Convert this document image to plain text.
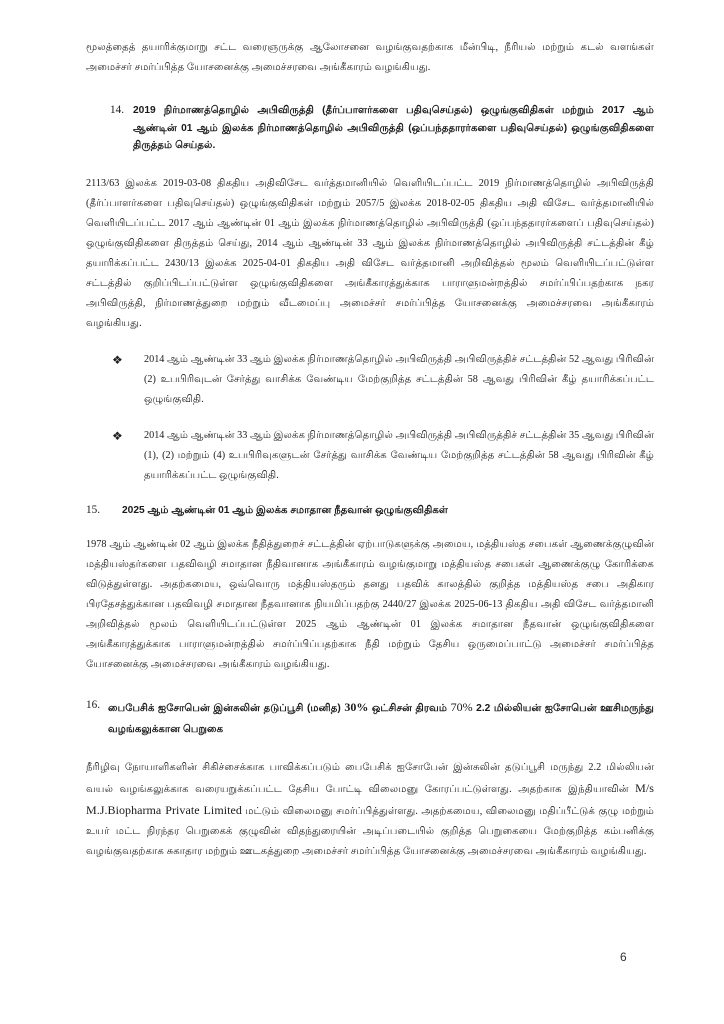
மூலத்தைத் தயாரிக்குமாறு சட்ட வரைஞருக்கு ஆலோசனை வழங்குவதற்காக மீன்பிடி, நீரியல் மற்றும் கடல் வளங்கள் அமைச்சர் சமர்ப்பித்த யோசனைக்கு அமைச்சரவை அங்கீகாரம் வழங்கியது.

14. 2019 நிர்மாணத்தொழில் அபிவிருத்தி (தீர்ப்பாளர்களை பதிவுசெய்தல்) ஒழுங்குவிதிகள் மற்றும் 2017 ஆம் ஆண்டின் 01 ஆம் இலக்க நிர்மாணத்தொழில் அபிவிருத்தி (ஒப்பந்ததாரர்களை பதிவுசெய்தல்) ஒழுங்குவிதிகளை திருத்தம் செய்தல்.

2113/63 இலக்க 2019-03-08 திகதிய அதிவிசேட வர்த்தமானியில் வெளியிடப்பட்ட 2019 நிர்மாணத்தொழில் அபிவிருத்தி (தீர்ப்பாளர்களை பதிவுசெய்தல்) ஒழுங்குவிதிகள் மற்றும் 2057/5 இலக்க 2018-02-05 திகதிய அதி விசேட வர்த்தமானியில் வெளியிடப்பட்ட 2017 ஆம் ஆண்டின் 01 ஆம் இலக்க நிர்மாணத்தொழில் அபிவிருத்தி (ஒப்பந்ததாரர்களைப் பதிவுசெய்தல்) ஒழுங்குவிதிகளை திருத்தம் செய்து, 2014 ஆம் ஆண்டின் 33 ஆம் இலக்க நிர்மாணத்தொழில் அபிவிருத்தி சட்டத்தின் கீழ் தயாரிக்கப்பட்ட 2430/13 இலக்க 2025-04-01 திகதிய அதி விசேட வர்த்தமானி அறிவித்தல் மூலம் வெளியிடப்பட்டுள்ள சட்டத்தில் குறிப்பிடப்பட்டுள்ள ஒழுங்குவிதிகளை அங்கீகாரத்துக்காக பாராளுமன்றத்தில் சமர்ப்பிப்பதற்காக நகர அபிவிருத்தி, நிர்மாணத்துறை மற்றும் வீடமைப்பு அமைச்சர் சமர்ப்பித்த யோசனைக்கு அமைச்சரவை அங்கீகாரம் வழங்கியது.

❖	2014 ஆம் ஆண்டின் 33 ஆம் இலக்க நிர்மாணத்தொழில் அபிவிருத்தி அபிவிருத்திச் சட்டத்தின் 52 ஆவது பிரிவின் (2) உபபிரிவுடன் சேர்த்து வாசிக்க வேண்டிய மேற்குறித்த சட்டத்தின் 58 ஆவது பிரிவின் கீழ் தயாரிக்கப்பட்ட ஒழுங்குவிதி.
❖	2014 ஆம் ஆண்டின் 33 ஆம் இலக்க நிர்மாணத்தொழில் அபிவிருத்தி அபிவிருத்திச் சட்டத்தின் 35 ஆவது பிரிவின் (1), (2) மற்றும் (4) உபபிரிவுகளுடன் சேர்த்து வாசிக்க வேண்டிய மேற்குறித்த சட்டத்தின் 58 ஆவது பிரிவின் கீழ் தயாரிக்கப்பட்ட ஒழுங்குவிதி.
15.	2025 ஆம் ஆண்டின் 01 ஆம் இலக்க சமாதான நீதவான் ஒழுங்குவிதிகள்

1978 ஆம் ஆண்டின் 02 ஆம் இலக்க நீதித்துறைச் சட்டத்தின் ஏற்பாடுகளுக்கு அமைய, மத்தியஸ்த சபைகள் ஆணைக்குழுவின் மத்தியஸ்தர்களை பதவிவழி சமாதான நீதிவானாக அங்கீகாரம் வழங்குமாறு மத்தியஸ்த சபைகள் ஆணைக்குழு கோரிக்கை விடுத்துள்ளது. அதற்கமைய, ஒவ்வொரு மத்தியஸ்தரும் தனது பதவிக் காலத்தில் குறித்த மத்தியஸ்த சபை அதிகார பிரதேசத்துக்கான பதவிவழி சமாதான நீதவானாக நியமிப்பதற்கு 2440/27 இலக்க 2025-06-13 திகதிய அதி விசேட வர்த்தமானி அறிவித்தல் மூலம் வெளியிடப்பட்டுள்ள 2025 ஆம் ஆண்டின் 01 இலக்க சமாதான நீதவான் ஒழுங்குவிதிகளை அங்கீகாரத்துக்காக பாராளுமன்றத்தில் சமர்ப்பிப்பதற்காக நீதி மற்றும் தேசிய ஒருமைப்பாட்டு அமைச்சர் சமர்ப்பித்த யோசனைக்கு அமைச்சரவை அங்கீகாரம் வழங்கியது.

16. பைபேசிக் ஐசோபென் இன்சுலின் தடுப்பூசி (மனித) 30% ஒட்சிசன் திரவம் 70% 2.2 மில்லியன் ஐசோபென் ஊசிமருந்து வழங்கலுக்கான பெறுகை

நீரிழிவு நோயாளிகளின் சிகிச்சைக்காக பாவிக்கப்படும் பைபேசிக் ஐசோபேன் இன்சுலின் தடுப்பூசி மருந்து 2.2 மில்லியன் வயல் வழங்கலுக்காக வரையறுக்கப்பட்ட தேசிய போட்டி விலைமனு கோரப்பட்டுள்ளது. அதற்காக இந்தியாவின் M/s M.J.Biopharma Private Limited மட்டும் விலைமனு சமர்ப்பித்துள்ளது. அதற்கமைய, விலைமனு மதிப்பீட்டுக் குழு மற்றும் உயர் மட்ட நிரந்தர பெறுகைக் குழுவின் விதந்துரையின் அடிப்படையில் குறித்த பெறுகையை மேற்குறித்த கம்பனிக்கு வழங்குவதற்காக சுகாதார மற்றும் ஊடகத்துறை அமைச்சர் சமர்ப்பித்த யோசனைக்கு அமைச்சரவை அங்கீகாரம் வழங்கியது.

6
